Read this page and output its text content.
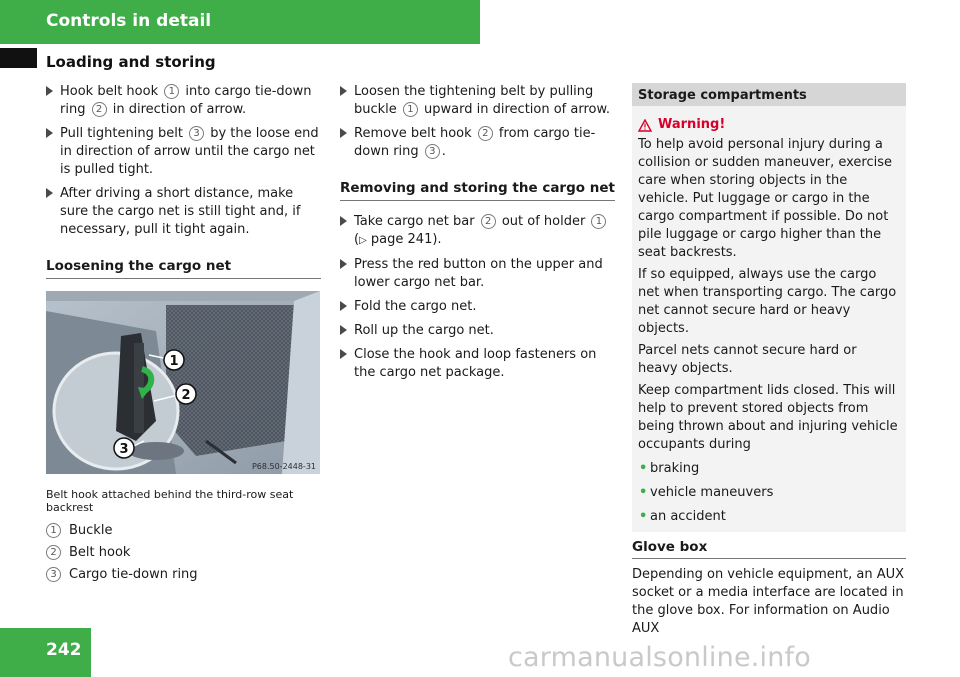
Controls in detail
Loading and storing
Hook belt hook 1 into cargo tie-down ring 2 in direction of arrow.
Pull tightening belt 3 by the loose end in direction of arrow until the cargo net is pulled tight.
After driving a short distance, make sure the cargo net is still tight and, if necessary, pull it tight again.
Loosening the cargo net
1
2
3
P68.50-2448-31
Belt hook attached behind the third-row seat backrest
1 Buckle
2 Belt hook
3 Cargo tie-down ring
Loosen the tightening belt by pulling buckle 1 upward in direction of arrow.
Remove belt hook 2 from cargo tie-down ring 3 .
Removing and storing the cargo net
Take cargo net bar 2 out of holder 1
(▷ page 241).
Press the red button on the upper and lower cargo net bar.
Fold the cargo net.
Roll up the cargo net.
Close the hook and loop fasteners on the cargo net package.
Storage compartments
Warning!

To help avoid personal injury during a collision or sudden maneuver, exercise care when storing objects in the vehicle. Put luggage or cargo in the cargo compartment if possible. Do not pile luggage or cargo higher than the seat backrests.

If so equipped, always use the cargo net when transporting cargo. The cargo net cannot secure hard or heavy objects.

Parcel nets cannot secure hard or heavy objects.

Keep compartment lids closed. This will help to prevent stored objects from being thrown about and injuring vehicle occupants during

• braking
• vehicle maneuvers
• an accident
Glove box
Depending on vehicle equipment, an AUX socket or a media interface are located in the glove box. For information on Audio AUX
242	carmanualsonline.info
